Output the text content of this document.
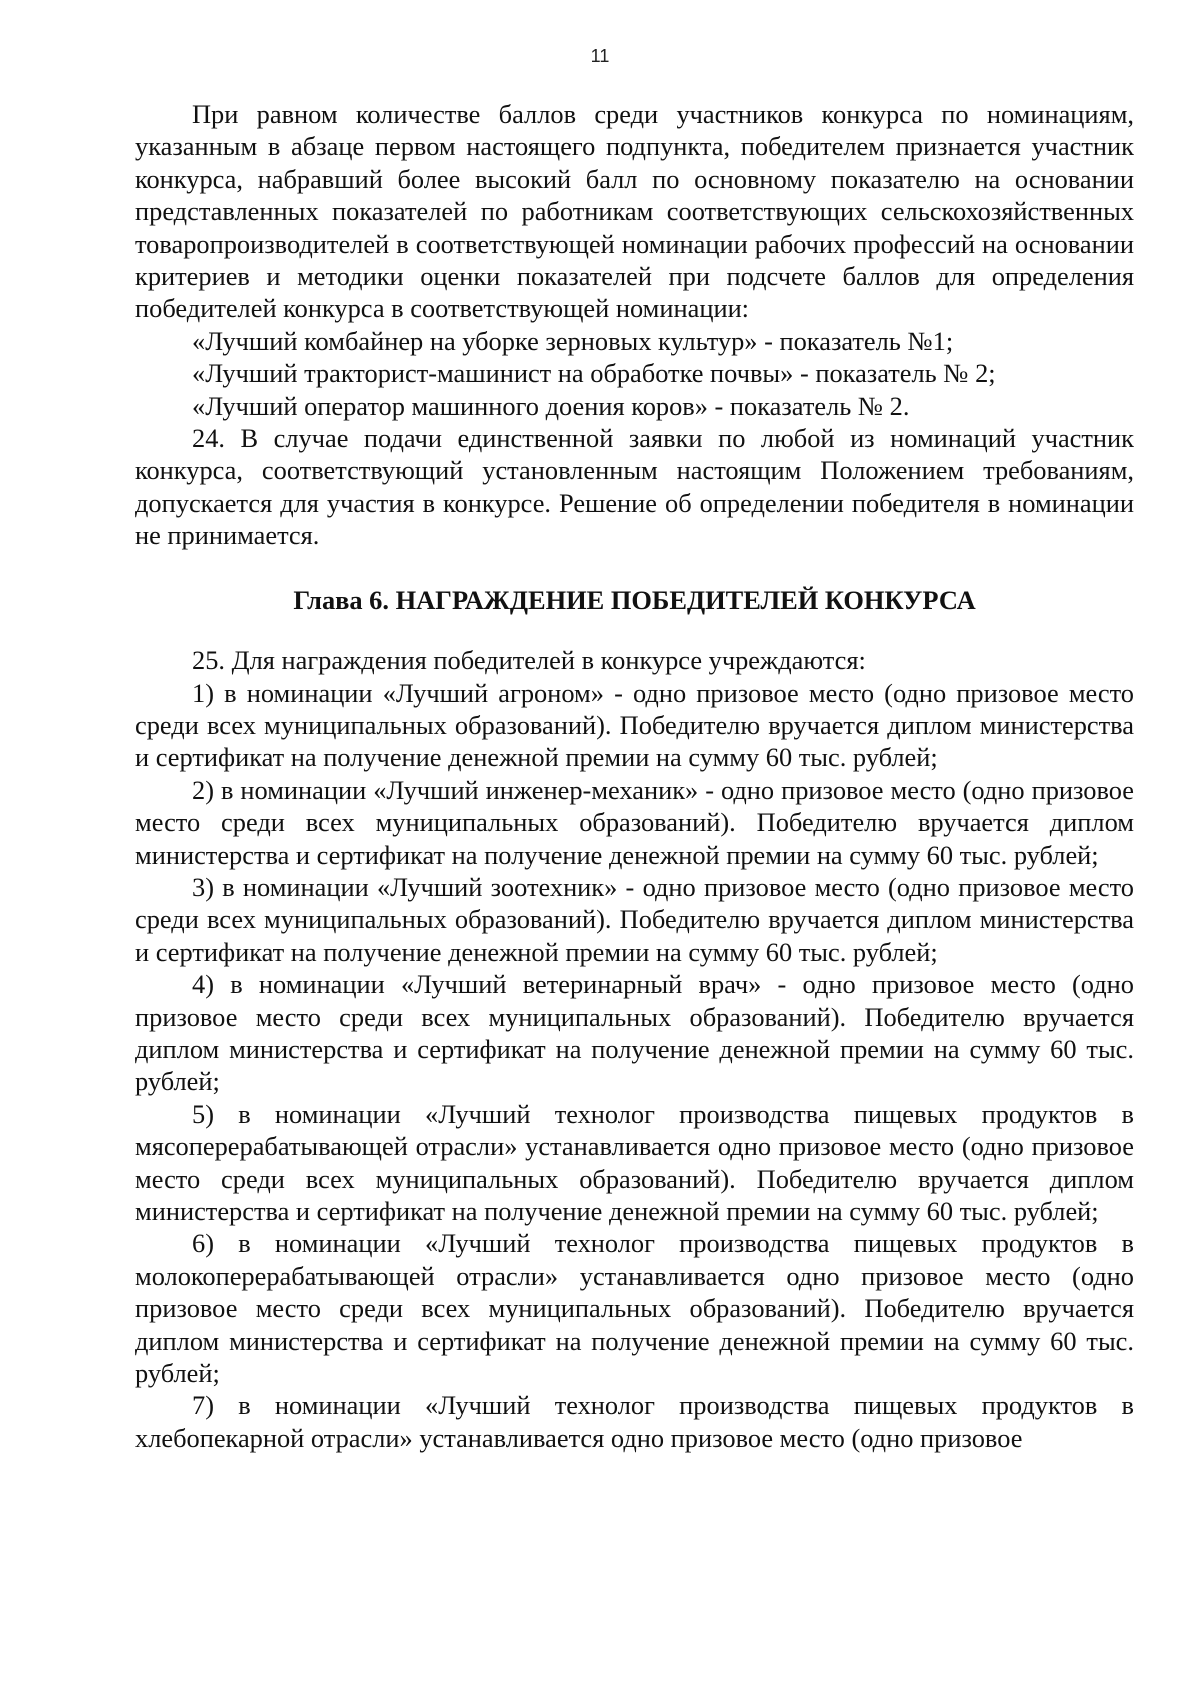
11

При равном количестве баллов среди участников конкурса по номинациям, указанным в абзаце первом настоящего подпункта, победителем признается участник конкурса, набравший более высокий балл по основному показателю на основании представленных показателей по работникам соответствующих сельскохозяйственных товаропроизводителей в соответствующей номинации рабочих профессий на основании критериев и методики оценки показателей при подсчете баллов для определения победителей конкурса в соответствующей номинации:

«Лучший комбайнер на уборке зерновых культур» - показатель №1;

«Лучший тракторист-машинист на обработке почвы» - показатель № 2;

«Лучший оператор машинного доения коров» - показатель № 2.

24. В случае подачи единственной заявки по любой из номинаций участник конкурса, соответствующий установленным настоящим Положением требованиям, допускается для участия в конкурсе. Решение об определении победителя в номинации не принимается.

Глава 6. НАГРАЖДЕНИЕ ПОБЕДИТЕЛЕЙ КОНКУРСА

25. Для награждения победителей в конкурсе учреждаются:

1) в номинации «Лучший агроном» - одно призовое место (одно призовое место среди всех муниципальных образований). Победителю вручается диплом министерства и сертификат на получение денежной премии на сумму 60 тыс. рублей;

2) в номинации «Лучший инженер-механик» - одно призовое место (одно призовое место среди всех муниципальных образований). Победителю вручается диплом министерства и сертификат на получение денежной премии на сумму 60 тыс. рублей;

3) в номинации «Лучший зоотехник» - одно призовое место (одно призовое место среди всех муниципальных образований). Победителю вручается диплом министерства и сертификат на получение денежной премии на сумму 60 тыс. рублей;

4) в номинации «Лучший ветеринарный врач» - одно призовое место (одно призовое место среди всех муниципальных образований). Победителю вручается диплом министерства и сертификат на получение денежной премии на сумму 60 тыс. рублей;

5) в номинации «Лучший технолог производства пищевых продуктов в мясоперерабатывающей отрасли» устанавливается одно призовое место (одно призовое место среди всех муниципальных образований). Победителю вручается диплом министерства и сертификат на получение денежной премии на сумму 60 тыс. рублей;

6) в номинации «Лучший технолог производства пищевых продуктов в молокоперерабатывающей отрасли» устанавливается одно призовое место (одно призовое место среди всех муниципальных образований). Победителю вручается диплом министерства и сертификат на получение денежной премии на сумму 60 тыс. рублей;

7) в номинации «Лучший технолог производства пищевых продуктов в хлебопекарной отрасли» устанавливается одно призовое место (одно призовое
